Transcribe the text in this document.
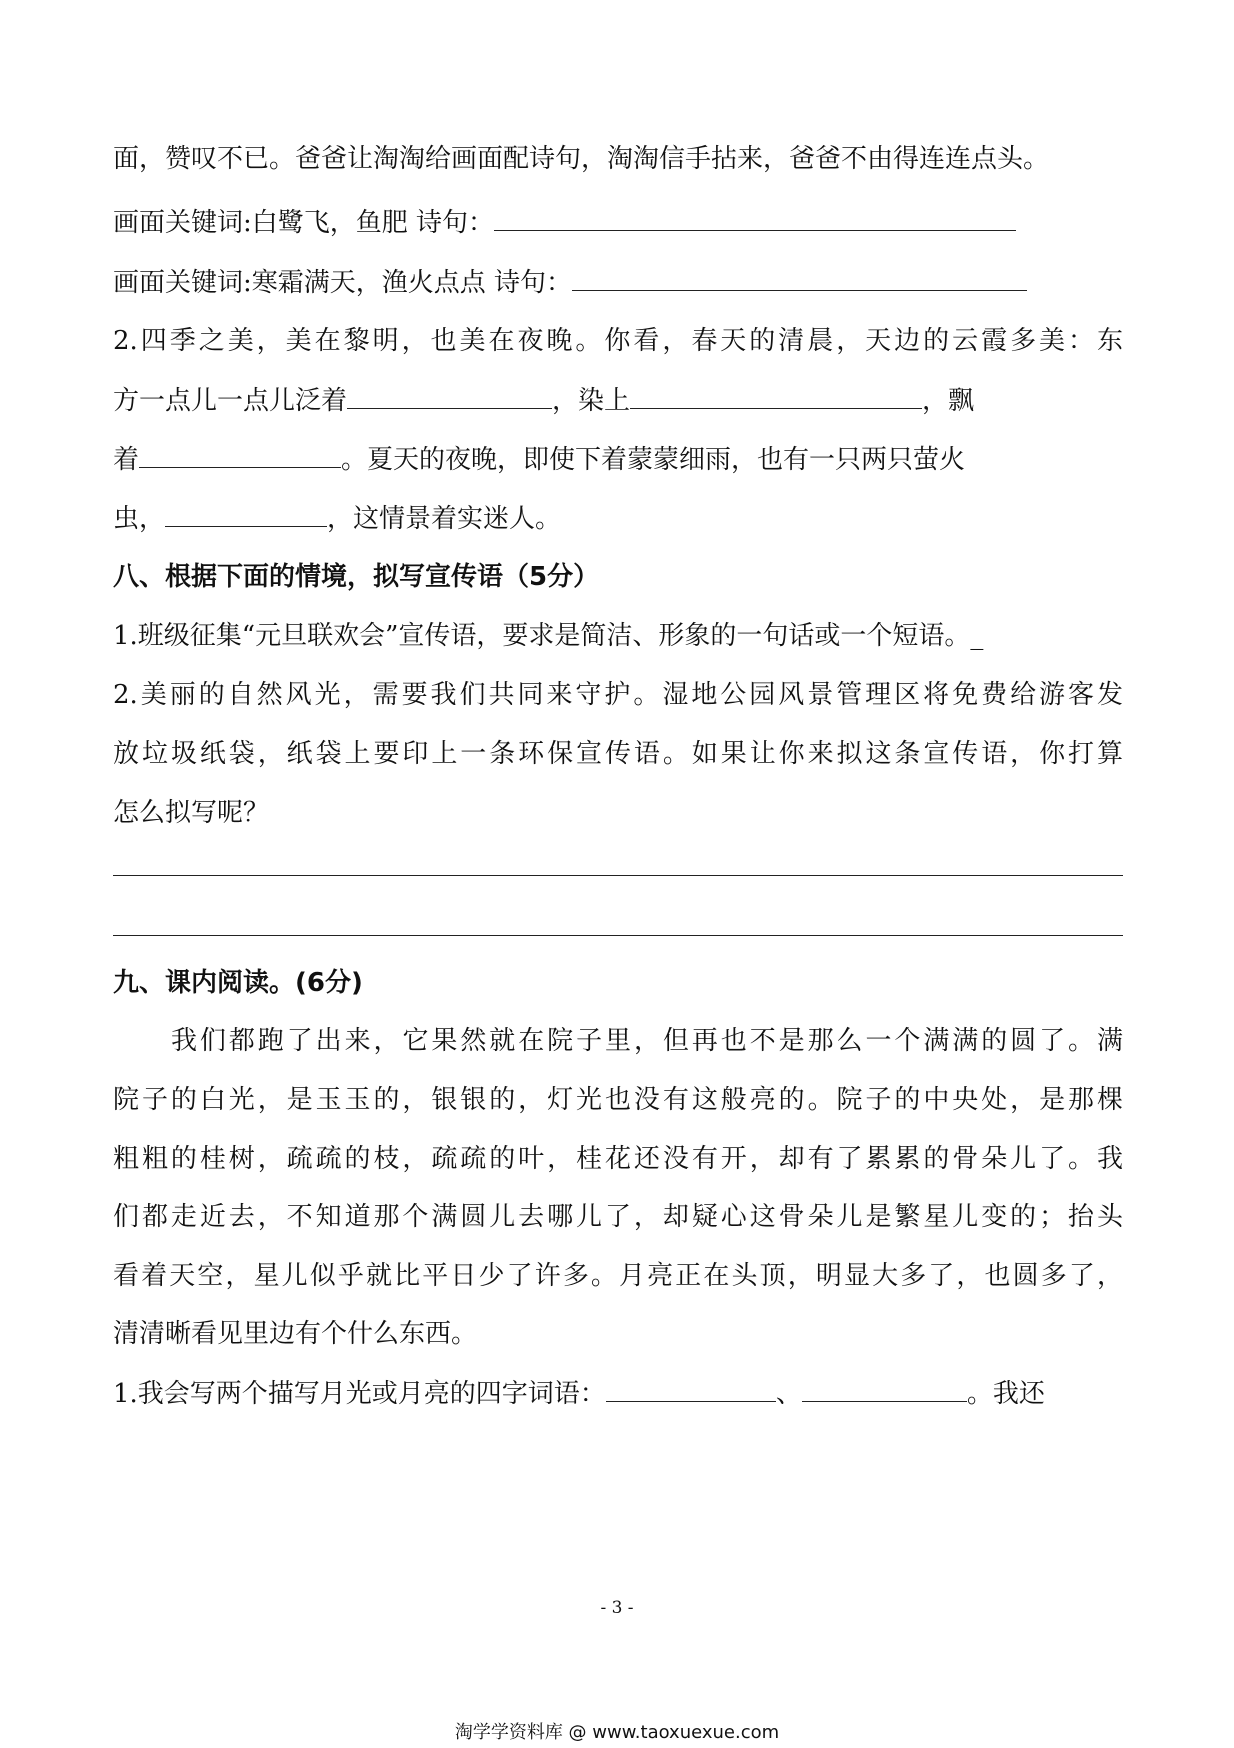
面，赞叹不已。爸爸让淘淘给画面配诗句，淘淘信手拈来，爸爸不由得连连点头。
画面关键词:白鹭飞，鱼肥 诗句：
画面关键词:寒霜满天，渔火点点 诗句：
2.四季之美，美在黎明，也美在夜晚。你看，春天的清晨，天边的云霞多美：东
方一点儿一点儿泛着	，染上	，飘
着	。夏天的夜晚，即使下着蒙蒙细雨，也有一只两只萤火
虫，	，这情景着实迷人。
八、根据下面的情境，拟写宣传语（5分）
1.班级征集“元旦联欢会”宣传语，要求是简洁、形象的一句话或一个短语。_
2.美丽的自然风光，需要我们共同来守护。湿地公园风景管理区将免费给游客发
放垃圾纸袋，纸袋上要印上一条环保宣传语。如果让你来拟这条宣传语，你打算
怎么拟写呢？
九、课内阅读。(6分)
我们都跑了出来，它果然就在院子里，但再也不是那么一个满满的圆了。满
院子的白光，是玉玉的，银银的，灯光也没有这般亮的。院子的中央处，是那棵
粗粗的桂树，疏疏的枝，疏疏的叶，桂花还没有开，却有了累累的骨朵儿了。我
们都走近去，不知道那个满圆儿去哪儿了，却疑心这骨朵儿是繁星儿变的；抬头
看着天空，星儿似乎就比平日少了许多。月亮正在头顶，明显大多了，也圆多了，
清清晰看见里边有个什么东西。
1.我会写两个描写月光或月亮的四字词语：	、	。我还
- 3 -
淘学学资料库 @ www.taoxuexue.com
